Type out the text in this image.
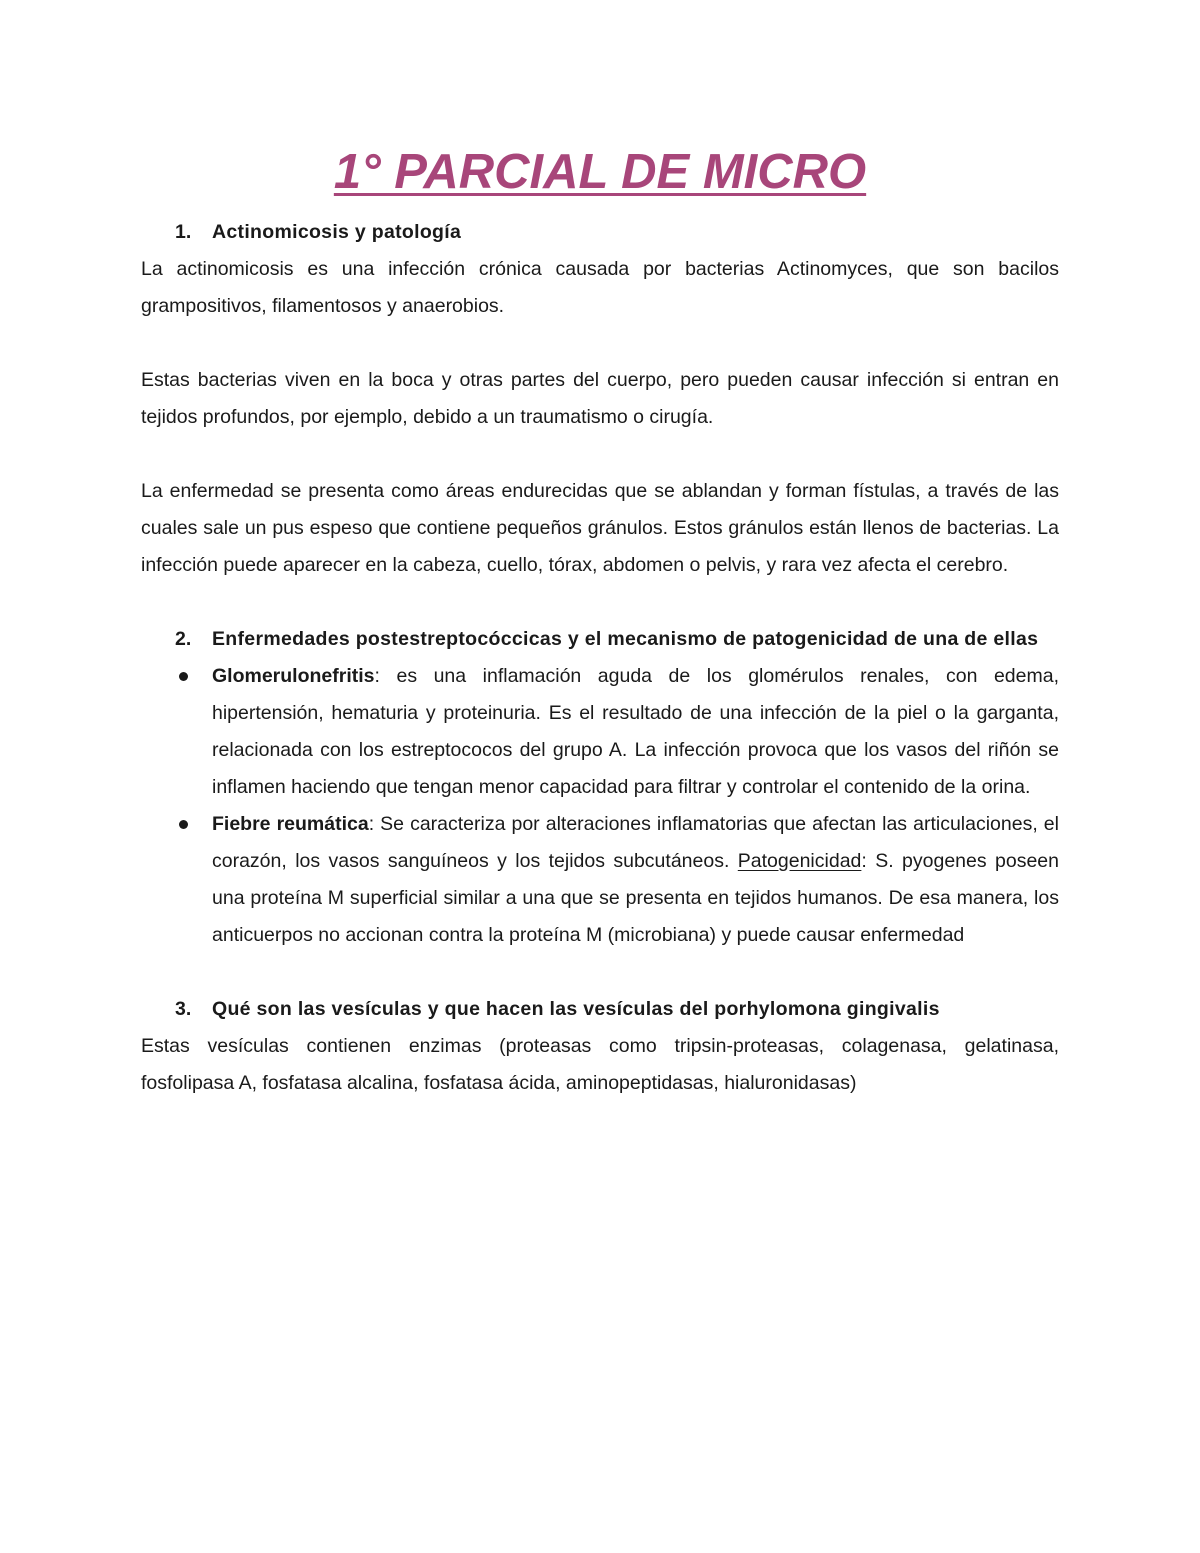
1° PARCIAL DE MICRO
1.	Actinomicosis y patología

La actinomicosis es una infección crónica causada por bacterias Actinomyces, que son bacilos grampositivos, filamentosos y anaerobios.

Estas bacterias viven en la boca y otras partes del cuerpo, pero pueden causar infección si entran en tejidos profundos, por ejemplo, debido a un traumatismo o cirugía.

La enfermedad se presenta como áreas endurecidas que se ablandan y forman fístulas, a través de las cuales sale un pus espeso que contiene pequeños gránulos. Estos gránulos están llenos de bacterias. La infección puede aparecer en la cabeza, cuello, tórax, abdomen o pelvis, y rara vez afecta el cerebro.

2.	Enfermedades postestreptocóccicas y el mecanismo de patogenicidad de una de ellas
Glomerulonefritis: es una inflamación aguda de los glomérulos renales, con edema, hipertensión, hematuria y proteinuria. Es el resultado de una infección de la piel o la garganta, relacionada con los estreptococos del grupo A. La infección provoca que los vasos del riñón se inflamen haciendo que tengan menor capacidad para filtrar y controlar el contenido de la orina.
Fiebre reumática: Se caracteriza por alteraciones inflamatorias que afectan las articulaciones, el corazón, los vasos sanguíneos y los tejidos subcutáneos. Patogenicidad: S. pyogenes poseen una proteína M superficial similar a una que se presenta en tejidos humanos. De esa manera, los anticuerpos no accionan contra la proteína M (microbiana) y puede causar enfermedad
3.	Qué son las vesículas y que hacen las vesículas del porhylomona gingivalis

Estas vesículas contienen enzimas (proteasas como tripsin-proteasas, colagenasa, gelatinasa, fosfolipasa A, fosfatasa alcalina, fosfatasa ácida, aminopeptidasas, hialuronidasas)
